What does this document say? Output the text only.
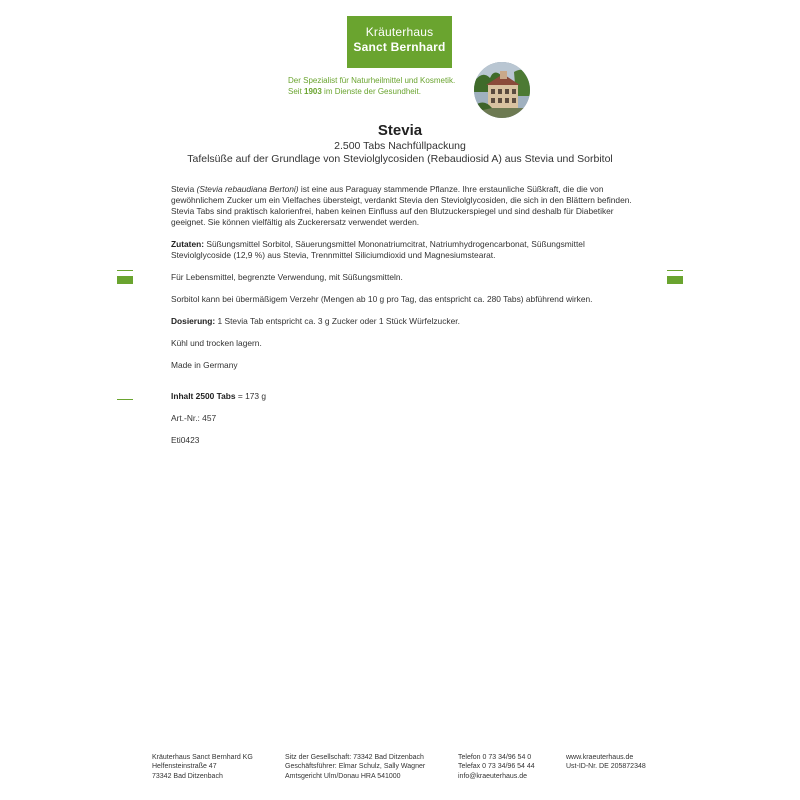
Kräuterhaus
Sanct Bernhard
Der Spezialist für Naturheilmittel und Kosmetik.
Seit 1903 im Dienste der Gesundheit.
Stevia
2.500 Tabs Nachfüllpackung
Tafelsüße auf der Grundlage von Steviolglycosiden (Rebaudiosid A) aus Stevia und Sorbitol

Stevia (Stevia rebaudiana Bertoni) ist eine aus Paraguay stammende Pflanze. Ihre erstaunliche Süßkraft, die die von gewöhnlichem Zucker um ein Vielfaches übersteigt, verdankt Stevia den Steviolglycosiden, die sich in den Blättern befinden. Stevia Tabs sind praktisch kalorienfrei, haben keinen Einfluss auf den Blutzuckerspiegel und sind deshalb für Diabetiker geeignet. Sie können vielfältig als Zuckerersatz verwendet werden.

Zutaten: Süßungsmittel Sorbitol, Säuerungsmittel Mononatriumcitrat, Natriumhydrogencarbonat, Süßungsmittel Steviolglycoside (12,9 %) aus Stevia, Trennmittel Siliciumdioxid und Magnesiumstearat.

Für Lebensmittel, begrenzte Verwendung, mit Süßungsmitteln.

Sorbitol kann bei übermäßigem Verzehr (Mengen ab 10 g pro Tag, das entspricht ca. 280 Tabs) abführend wirken.

Dosierung: 1 Stevia Tab entspricht ca. 3 g Zucker oder 1 Stück Würfelzucker.

Kühl und trocken lagern.

Made in Germany

Inhalt 2500 Tabs = 173 g

Art.-Nr.: 457

Eti0423

Kräuterhaus Sanct Bernhard KG
Helfensteinstraße 47
73342 Bad Ditzenbach
Sitz der Gesellschaft: 73342 Bad Ditzenbach
Geschäftsführer: Elmar Schulz, Sally Wagner
Amtsgericht Ulm/Donau HRA 541000
Telefon 0 73 34/96 54 0
Telefax 0 73 34/96 54 44
info@kraeuterhaus.de
www.kraeuterhaus.de
Ust-ID-Nr. DE 205872348
